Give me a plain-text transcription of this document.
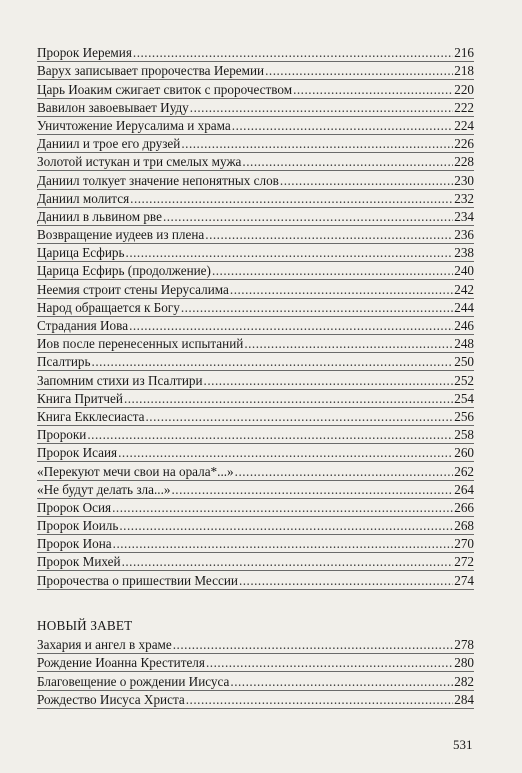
Пророк Иеремия .....	216
Варух записывает пророчества Иеремии .....	218
Царь Иоаким сжигает свиток с пророчеством .....	220
Вавилон завоевывает Иуду .....	222
Уничтожение Иерусалима и храма .....	224
Даниил и трое его друзей .....	226
Золотой истукан и три смелых мужа .....	228
Даниил толкует значение непонятных слов .....	230
Даниил молится .....	232
Даниил в львином рве .....	234
Возвращение иудеев из плена .....	236
Царица Есфирь .....	238
Царица Есфирь (продолжение) .....	240
Неемия строит стены Иерусалима .....	242
Народ обращается к Богу .....	244
Страдания Иова .....	246
Иов после перенесенных испытаний .....	248
Псалтирь .....	250
Запомним стихи из Псалтири .....	252
Книга Притчей .....	254
Книга Екклесиаста .....	256
Пророки .....	258
Пророк Исаия .....	260
«Перекуют мечи свои на орала*...» .....	262
«Не будут делать зла...» .....	264
Пророк Осия .....	266
Пророк Иоиль .....	268
Пророк Иона .....	270
Пророк Михей .....	272
Пророчества о пришествии Мессии .....	274
НОВЫЙ ЗАВЕТ
Захария и ангел в храме .....	278
Рождение Иоанна Крестителя .....	280
Благовещение о рождении Иисуса .....	282
Рождество Иисуса Христа .....	284
531
